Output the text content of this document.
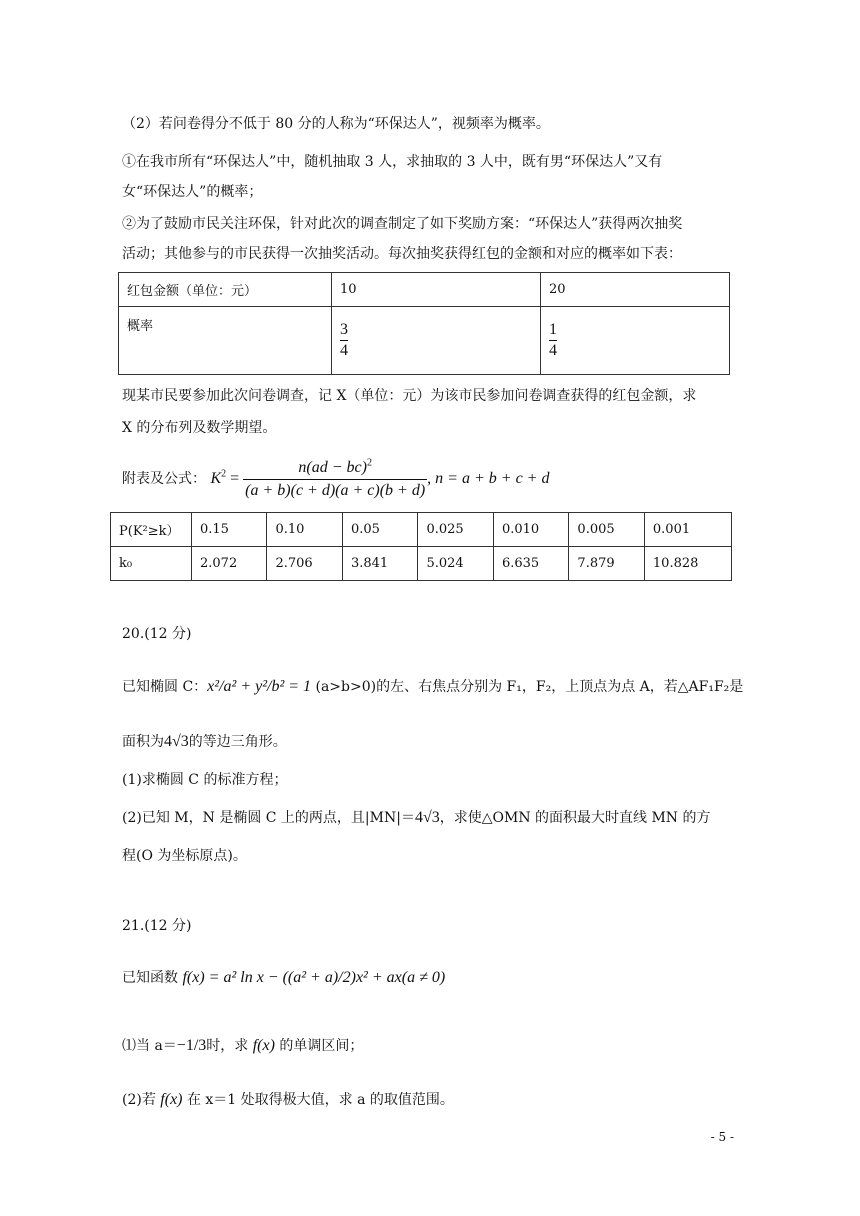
（2）若问卷得分不低于 80 分的人称为“环保达人”，视频率为概率。
①在我市所有“环保达人”中，随机抽取 3 人，求抽取的 3 人中，既有男“环保达人”又有
女“环保达人”的概率；
②为了鼓励市民关注环保，针对此次的调查制定了如下奖励方案：“环保达人”获得两次抽奖
活动；其他参与的市民获得一次抽奖活动。每次抽奖获得红包的金额和对应的概率如下表：
红包金额（单位：元）	10	20
概率	$\frac{3}{4}$	$\frac{1}{4}$
现某市民要参加此次问卷调查，记 X（单位：元）为该市民参加问卷调查获得的红包金额，求
X 的分布列及数学期望。
附表及公式： $K^2 = \frac{n(ad - bc)^2}{(a + b)(c + d)(a + c)(b + d)}$ , n = a + b + c + d
P(K²≥k）	0.15	0.10	0.05	0.025	0.010	0.005	0.001
k₀	2.072	2.706	3.841	5.024	6.635	7.879	10.828
20.(12 分)
已知椭圆 C：x²/a² + y²/b² = 1 (a>b>0)的左、右焦点分别为 F₁，F₂，上顶点为点 A，若△AF₁F₂是
面积为4√3的等边三角形。
(1)求椭圆 C 的标准方程；
(2)已知 M，N 是椭圆 C 上的两点，且|MN|＝4√3，求使△OMN 的面积最大时直线 MN 的方
程(O 为坐标原点)。
21.(12 分)
已知函数 f(x) = a² ln x − ((a² + a)/2)x² + ax(a ≠ 0)
⑴当 a＝−1/3时，求 f(x) 的单调区间；
(2)若 f(x) 在 x＝1 处取得极大值，求 a 的取值范围。
- 5 -
